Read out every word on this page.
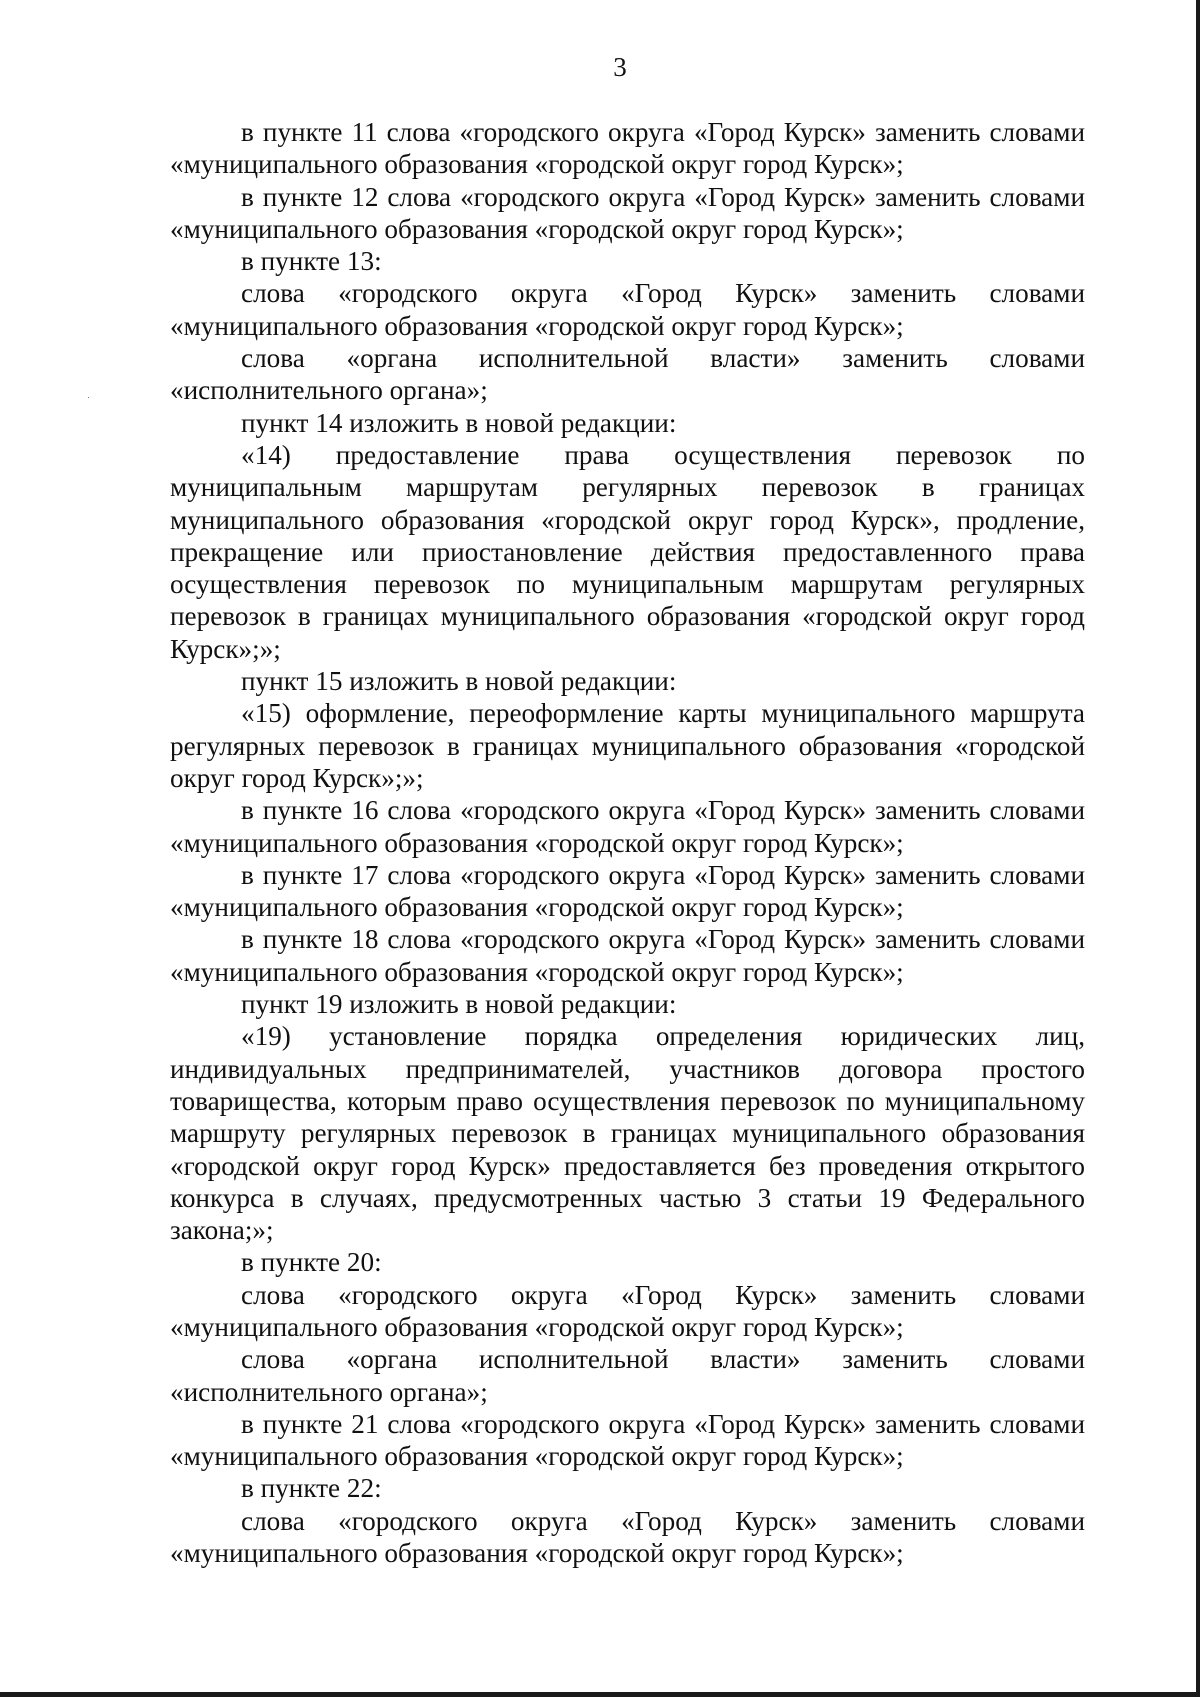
3

в пункте 11 слова «городского округа «Город Курск» заменить словами «муниципального образования «городской округ город Курск»;

в пункте 12 слова «городского округа «Город Курск» заменить словами «муниципального образования «городской округ город Курск»;

в пункте 13:

слова «городского округа «Город Курск» заменить словами «муниципального образования «городской округ город Курск»;

слова «органа исполнительной власти» заменить словами «исполнительного органа»;

пункт 14 изложить в новой редакции:

«14) предоставление права осуществления перевозок по муниципальным маршрутам регулярных перевозок в границах муниципального образования «городской округ город Курск», продление, прекращение или приостановление действия предоставленного права осуществления перевозок по муниципальным маршрутам регулярных перевозок в границах муниципального образования «городской округ город Курск»;»;

пункт 15 изложить в новой редакции:

«15) оформление, переоформление карты муниципального маршрута регулярных перевозок в границах муниципального образования «городской округ город Курск»;»;

в пункте 16 слова «городского округа «Город Курск» заменить словами «муниципального образования «городской округ город Курск»;

в пункте 17 слова «городского округа «Город Курск» заменить словами «муниципального образования «городской округ город Курск»;

в пункте 18 слова «городского округа «Город Курск» заменить словами «муниципального образования «городской округ город Курск»;

пункт 19 изложить в новой редакции:

«19) установление порядка определения юридических лиц, индивидуальных предпринимателей, участников договора простого товарищества, которым право осуществления перевозок по муниципальному маршруту регулярных перевозок в границах муниципального образования «городской округ город Курск» предоставляется без проведения открытого конкурса в случаях, предусмотренных частью 3 статьи 19 Федерального закона;»;

в пункте 20:

слова «городского округа «Город Курск» заменить словами «муниципального образования «городской округ город Курск»;

слова «органа исполнительной власти» заменить словами «исполнительного органа»;

в пункте 21 слова «городского округа «Город Курск» заменить словами «муниципального образования «городской округ город Курск»;

в пункте 22:

слова «городского округа «Город Курск» заменить словами «муниципального образования «городской округ город Курск»;
